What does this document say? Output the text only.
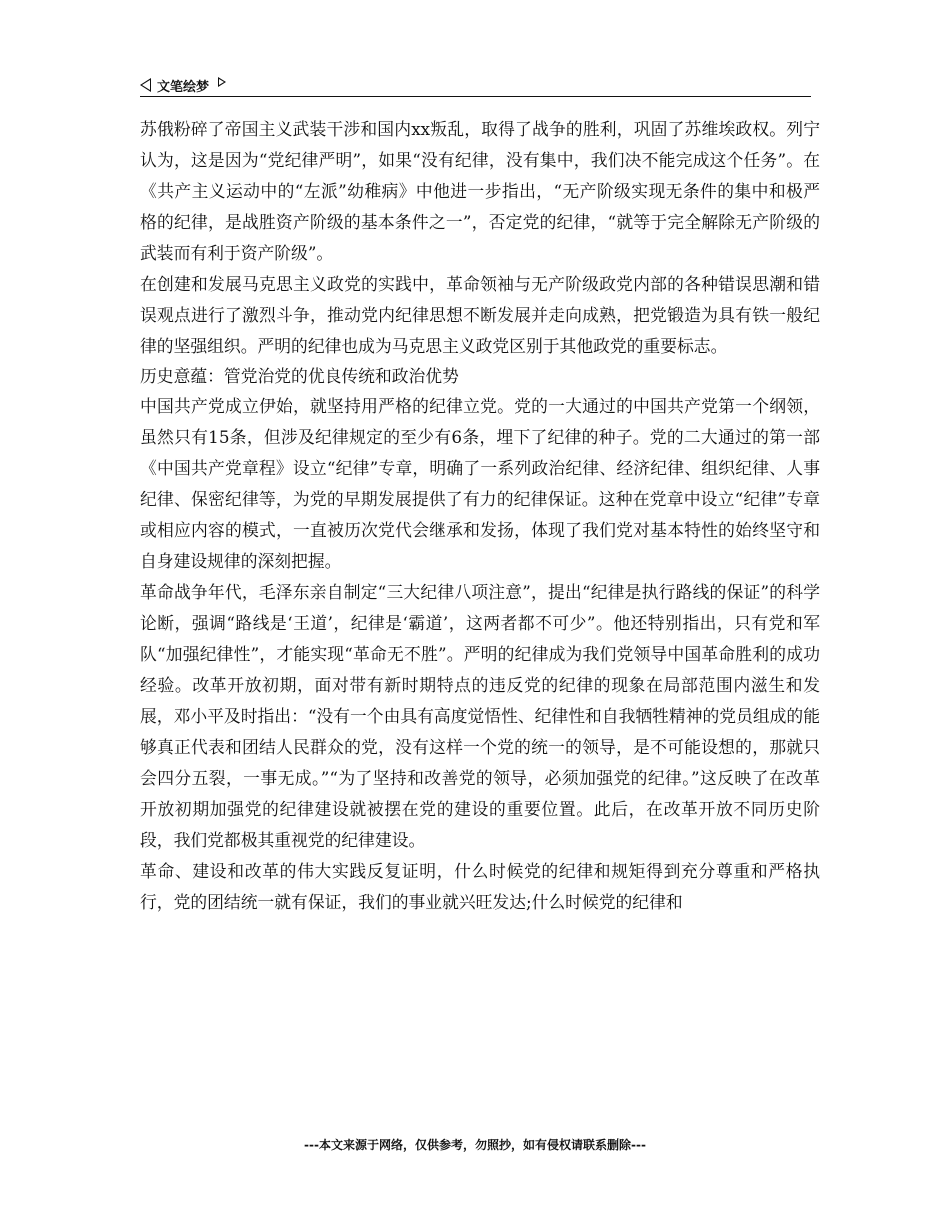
文笔绘梦

苏俄粉碎了帝国主义武装干涉和国内xx叛乱，取得了战争的胜利，巩固了苏维埃政权。列宁认为，这是因为“党纪律严明”，如果“没有纪律，没有集中，我们决不能完成这个任务”。在《共产主义运动中的“左派”幼稚病》中他进一步指出，“无产阶级实现无条件的集中和极严格的纪律，是战胜资产阶级的基本条件之一”，否定党的纪律，“就等于完全解除无产阶级的武装而有利于资产阶级”。

在创建和发展马克思主义政党的实践中，革命领袖与无产阶级政党内部的各种错误思潮和错误观点进行了激烈斗争，推动党内纪律思想不断发展并走向成熟，把党锻造为具有铁一般纪律的坚强组织。严明的纪律也成为马克思主义政党区别于其他政党的重要标志。

历史意蕴：管党治党的优良传统和政治优势

中国共产党成立伊始，就坚持用严格的纪律立党。党的一大通过的中国共产党第一个纲领，虽然只有15条，但涉及纪律规定的至少有6条，埋下了纪律的种子。党的二大通过的第一部《中国共产党章程》设立“纪律”专章，明确了一系列政治纪律、经济纪律、组织纪律、人事纪律、保密纪律等，为党的早期发展提供了有力的纪律保证。这种在党章中设立“纪律”专章或相应内容的模式，一直被历次党代会继承和发扬，体现了我们党对基本特性的始终坚守和自身建设规律的深刻把握。

革命战争年代，毛泽东亲自制定“三大纪律八项注意”，提出“纪律是执行路线的保证”的科学论断，强调“路线是‘王道’，纪律是‘霸道’，这两者都不可少”。他还特别指出，只有党和军队“加强纪律性”，才能实现“革命无不胜”。严明的纪律成为我们党领导中国革命胜利的成功经验。改革开放初期，面对带有新时期特点的违反党的纪律的现象在局部范围内滋生和发展，邓小平及时指出：“没有一个由具有高度觉悟性、纪律性和自我牺牲精神的党员组成的能够真正代表和团结人民群众的党，没有这样一个党的统一的领导，是不可能设想的，那就只会四分五裂，一事无成。”“为了坚持和改善党的领导，必须加强党的纪律。”这反映了在改革开放初期加强党的纪律建设就被摆在党的建设的重要位置。此后，在改革开放不同历史阶段，我们党都极其重视党的纪律建设。

革命、建设和改革的伟大实践反复证明，什么时候党的纪律和规矩得到充分尊重和严格执行，党的团结统一就有保证，我们的事业就兴旺发达;什么时候党的纪律和

---本文来源于网络，仅供参考，勿照抄，如有侵权请联系删除---
